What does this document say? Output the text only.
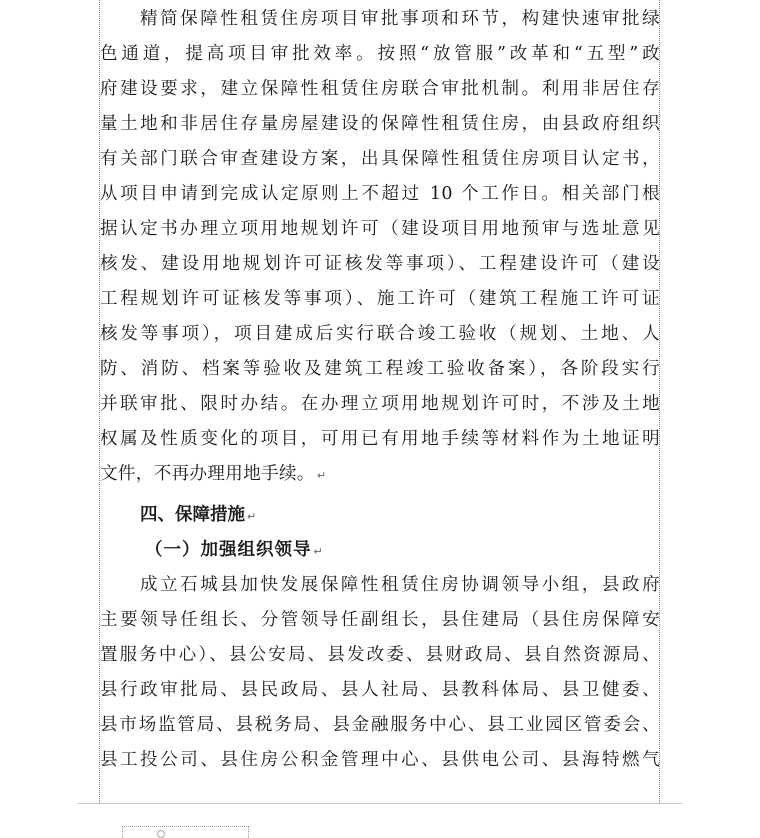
精简保障性租赁住房项目审批事项和环节，构建快速审批绿
色通道，提高项目审批效率。按照“放管服”改革和“五型”政
府建设要求，建立保障性租赁住房联合审批机制。利用非居住存
量土地和非居住存量房屋建设的保障性租赁住房，由县政府组织
有关部门联合审查建设方案，出具保障性租赁住房项目认定书，
从项目申请到完成认定原则上不超过 10 个工作日。相关部门根
据认定书办理立项用地规划许可（建设项目用地预审与选址意见
核发、建设用地规划许可证核发等事项）、工程建设许可（建设
工程规划许可证核发等事项）、施工许可（建筑工程施工许可证
核发等事项），项目建成后实行联合竣工验收（规划、土地、人
防、消防、档案等验收及建筑工程竣工验收备案），各阶段实行
并联审批、限时办结。在办理立项用地规划许可时，不涉及土地
权属及性质变化的项目，可用已有用地手续等材料作为土地证明
文件，不再办理用地手续。 ↵
四、保障措施 ↵
（一）加强组织领导 ↵
成立石城县加快发展保障性租赁住房协调领导小组，县政府
主要领导任组长、分管领导任副组长，县住建局（县住房保障安
置服务中心）、县公安局、县发改委、县财政局、县自然资源局、
县行政审批局、县民政局、县人社局、县教科体局、县卫健委、
县市场监管局、县税务局、县金融服务中心、县工业园区管委会、
县工投公司、县住房公积金管理中心、县供电公司、县海特燃气
